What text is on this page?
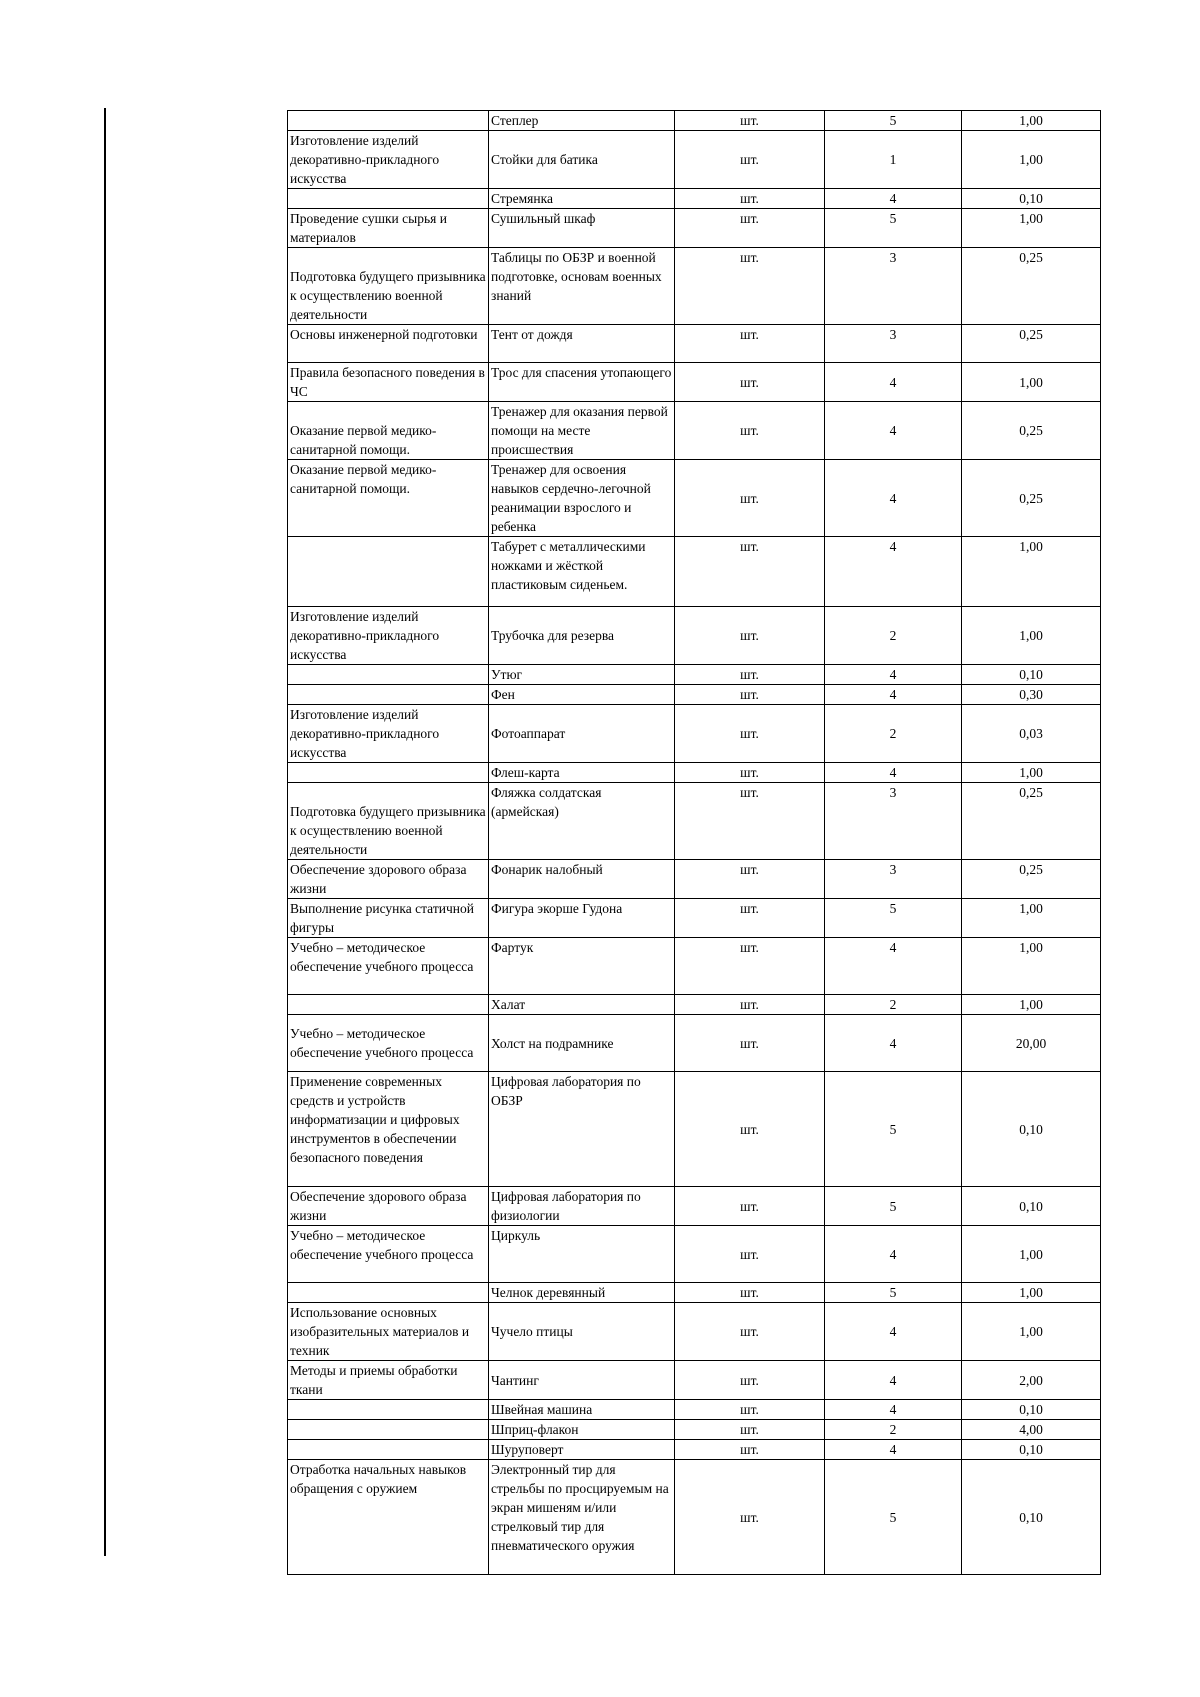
	Степлер	шт.	5	1,00
Изготовление изделий декоративно-прикладного искусства	Стойки для батика	шт.	1	1,00
	Стремянка	шт.	4	0,10
Проведение сушки сырья и материалов	Сушильный шкаф	шт.	5	1,00
Подготовка будущего призывника к осуществлению военной деятельности	Таблицы по ОБЗР и военной подготовке, основам военных знаний	шт.	3	0,25
Основы инженерной подготовки	Тент от дождя	шт.	3	0,25
Правила безопасного поведения в ЧС	Трос для спасения утопающего	шт.	4	1,00
Оказание первой медико-санитарной помощи.	Тренажер для оказания первой помощи на месте происшествия	шт.	4	0,25
Оказание первой медико-санитарной помощи.	Тренажер для освоения навыков сердечно-легочной реанимации взрослого и ребенка	шт.	4	0,25
	Табурет с металлическими ножками и жёсткой пластиковым сиденьем.	шт.	4	1,00
Изготовление изделий декоративно-прикладного искусства	Трубочка для резерва	шт.	2	1,00
	Утюг	шт.	4	0,10
	Фен	шт.	4	0,30
Изготовление изделий декоративно-прикладного искусства	Фотоаппарат	шт.	2	0,03
	Флеш-карта	шт.	4	1,00
Подготовка будущего призывника к осуществлению военной деятельности	Фляжка солдатская (армейская)	шт.	3	0,25
Обеспечение здорового образа жизни	Фонарик налобный	шт.	3	0,25
Выполнение рисунка статичной фигуры	Фигура экорше Гудона	шт.	5	1,00
Учебно – методическое обеспечение учебного процесса	Фартук	шт.	4	1,00
	Халат	шт.	2	1,00
Учебно – методическое обеспечение учебного процесса	Холст на подрамнике	шт.	4	20,00
Применение современных средств и устройств информатизации и цифровых инструментов в обеспечении безопасного поведения	Цифровая лаборатория по ОБЗР	шт.	5	0,10
Обеспечение здорового образа жизни	Цифровая лаборатория по физиологии	шт.	5	0,10
Учебно – методическое обеспечение учебного процесса	Циркуль	шт.	4	1,00
	Челнок деревянный	шт.	5	1,00
Использование основных изобразительных материалов и техник	Чучело птицы	шт.	4	1,00
Методы и приемы обработки ткани	Чантинг	шт.	4	2,00
	Швейная машина	шт.	4	0,10
	Шприц-флакон	шт.	2	4,00
	Шуруповерт	шт.	4	0,10
Отработка начальных навыков обращения с оружием	Электронный тир для стрельбы по просцируемым на экран мишеням и/или стрелковый тир для пневматического оружия	шт.	5	0,10
